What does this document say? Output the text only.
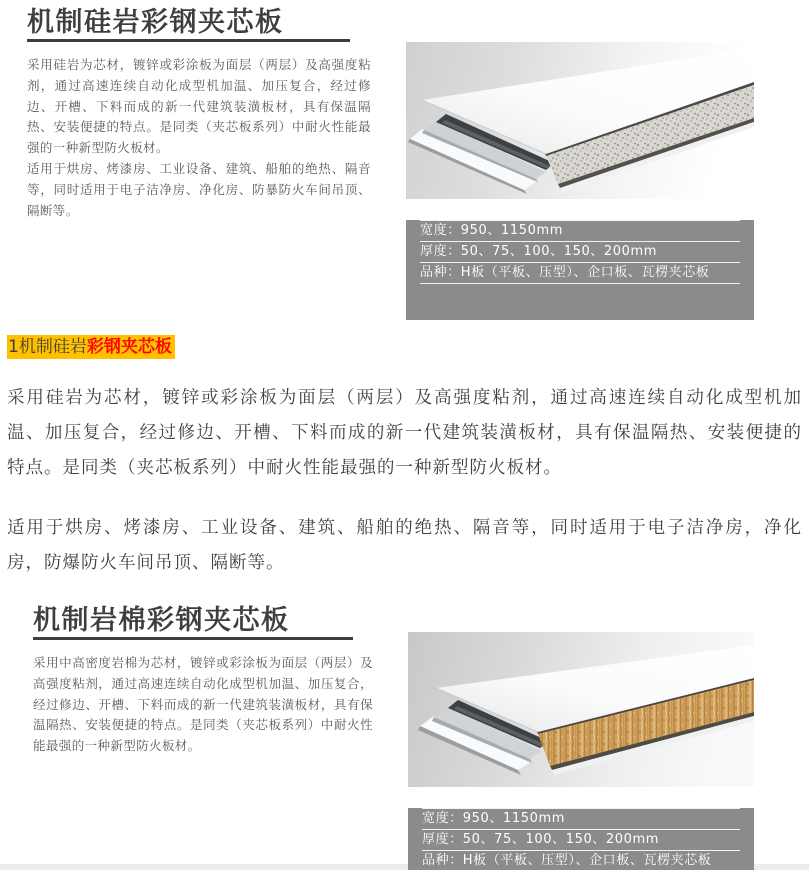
机制硅岩彩钢夹芯板

采用硅岩为芯材，镀锌或彩涂板为面层（两层）及高强度粘剂，通过高速连续自动化成型机加温、加压复合，经过修边、开槽、下料而成的新一代建筑装潢板材，具有保温隔热、安装便捷的特点。是同类（夹芯板系列）中耐火性能最强的一种新型防火板材。

适用于烘房、烤漆房、工业设备、建筑、船舶的绝热、隔音等，同时适用于电子洁净房、净化房、防暴防火车间吊顶、隔断等。

宽度：950、1150mm
厚度：50、75、100、150、200mm
品种：H板（平板、压型）、企口板、瓦楞夹芯板
1机制硅岩彩钢夹芯板

采用硅岩为芯材，镀锌或彩涂板为面层（两层）及高强度粘剂，通过高速连续自动化成型机加温、加压复合，经过修边、开槽、下料而成的新一代建筑装潢板材，具有保温隔热、安装便捷的特点。是同类（夹芯板系列）中耐火性能最强的一种新型防火板材。

适用于烘房、烤漆房、工业设备、建筑、船舶的绝热、隔音等，同时适用于电子洁净房，净化房，防爆防火车间吊顶、隔断等。

机制岩棉彩钢夹芯板

采用中高密度岩棉为芯材，镀锌或彩涂板为面层（两层）及高强度粘剂，通过高速连续自动化成型机加温、加压复合，经过修边、开槽、下料而成的新一代建筑装潢板材，具有保温隔热、安装便捷的特点。是同类（夹芯板系列）中耐火性能最强的一种新型防火板材。

宽度：950、1150mm
厚度：50、75、100、150、200mm
品种：H板（平板、压型）、企口板、瓦楞夹芯板
